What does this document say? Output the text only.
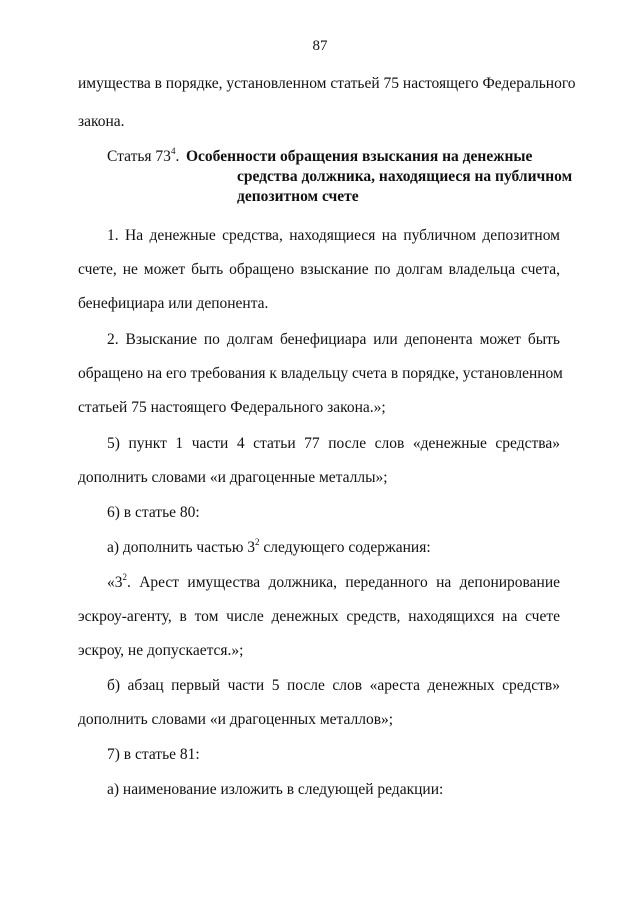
87
имущества в порядке, установленном статьей 75 настоящего Федерального
закона.
Статья $73^4$. Особенности обращения взыскания на денежные
средства должника, находящиеся на публичном
депозитном счете
1. На денежные средства, находящиеся на публичном депозитном
счете, не может быть обращено взыскание по долгам владельца счета,
бенефициара или депонента.
2. Взыскание по долгам бенефициара или депонента может быть
обращено на его требования к владельцу счета в порядке, установленном
статьей 75 настоящего Федерального закона.»;
5) пункт 1 части 4 статьи 77 после слов «денежные средства»
дополнить словами «и драгоценные металлы»;
6) в статье 80:
а) дополнить частью $3^2$ следующего содержания:
«$3^2$. Арест имущества должника, переданного на депонирование
эскроу-агенту, в том числе денежных средств, находящихся на счете
эскроу, не допускается.»;
б) абзац первый части 5 после слов «ареста денежных средств»
дополнить словами «и драгоценных металлов»;
7) в статье 81:
а) наименование изложить в следующей редакции:
